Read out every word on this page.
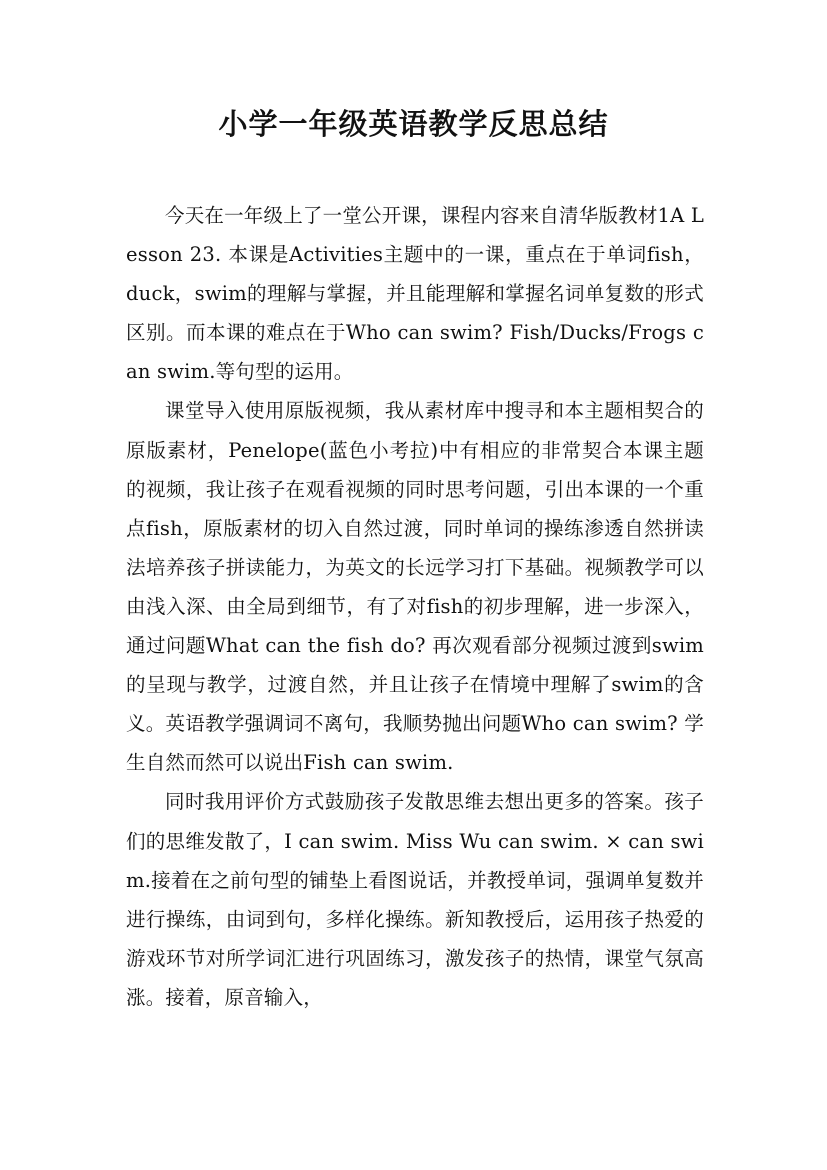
小学一年级英语教学反思总结

今天在一年级上了一堂公开课，课程内容来自清华版教材1A Lesson 23. 本课是Activities主题中的一课，重点在于单词fish，duck，swim的理解与掌握，并且能理解和掌握名词单复数的形式区别。而本课的难点在于Who can swim? Fish/Ducks/Frogs can swim.等句型的运用。

课堂导入使用原版视频，我从素材库中搜寻和本主题相契合的原版素材，Penelope(蓝色小考拉)中有相应的非常契合本课主题的视频，我让孩子在观看视频的同时思考问题，引出本课的一个重点fish，原版素材的切入自然过渡，同时单词的操练渗透自然拼读法培养孩子拼读能力，为英文的长远学习打下基础。视频教学可以由浅入深、由全局到细节，有了对fish的初步理解，进一步深入，通过问题What can the fish do? 再次观看部分视频过渡到swim的呈现与教学，过渡自然，并且让孩子在情境中理解了swim的含义。英语教学强调词不离句，我顺势抛出问题Who can swim? 学生自然而然可以说出Fish can swim.

同时我用评价方式鼓励孩子发散思维去想出更多的答案。孩子们的思维发散了，I can swim. Miss Wu can swim. × can swim.接着在之前句型的铺垫上看图说话，并教授单词，强调单复数并进行操练，由词到句，多样化操练。新知教授后，运用孩子热爱的游戏环节对所学词汇进行巩固练习，激发孩子的热情，课堂气氛高涨。接着，原音输入，
